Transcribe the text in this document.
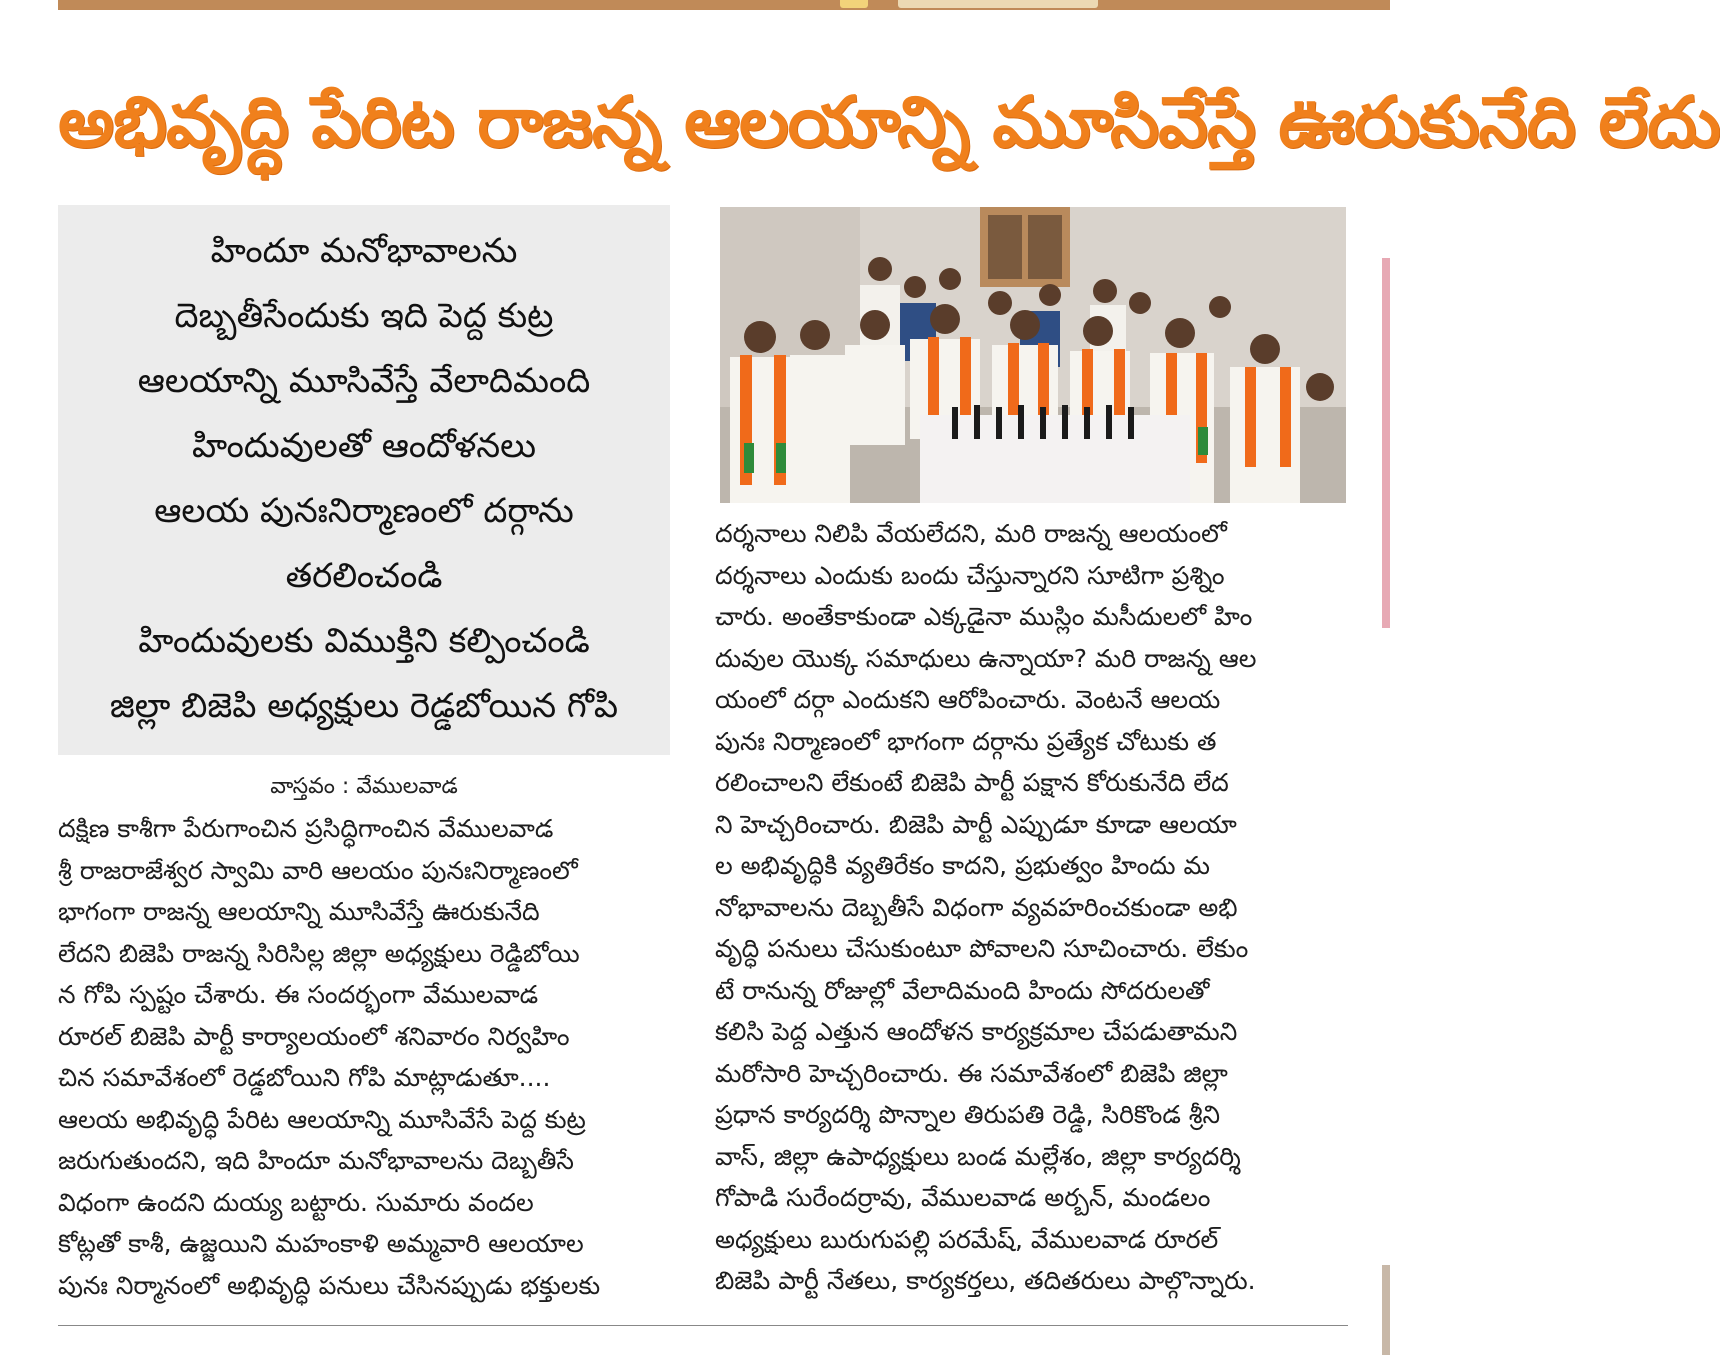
అభివృద్ధి పేరిట రాజన్న ఆలయాన్ని మూసివేస్తే ఊరుకునేది లేదు
హిందూ మనోభావాలను
దెబ్బతీసేందుకు ఇది పెద్ద కుట్ర
ఆలయాన్ని మూసివేస్తే వేలాదిమంది
హిందువులతో ఆందోళనలు
ఆలయ పునఃనిర్మాణంలో దర్గాను
తరలించండి
హిందువులకు విముక్తిని కల్పించండి
జిల్లా బిజెపి అధ్యక్షులు రెడ్డబోయిన గోపి
వాస్తవం : వేములవాడ

దక్షిణ కాశీగా పేరుగాంచిన ప్రసిద్ధిగాంచిన వేములవాడ

శ్రీ రాజరాజేశ్వర స్వామి వారి ఆలయం పునఃనిర్మాణంలో

భాగంగా రాజన్న ఆలయాన్ని మూసివేస్తే ఊరుకునేది

లేదని బిజెపి రాజన్న సిరిసిల్ల జిల్లా అధ్యక్షులు రెడ్డిబోయి

న గోపి స్పష్టం చేశారు. ఈ సందర్భంగా వేములవాడ

రూరల్ బిజెపి పార్టీ కార్యాలయంలో శనివారం నిర్వహిం

చిన సమావేశంలో రెడ్డబోయిని గోపి మాట్లాడుతూ....

ఆలయ అభివృద్ధి పేరిట ఆలయాన్ని మూసివేసే పెద్ద కుట్ర

జరుగుతుందని, ఇది హిందూ మనోభావాలను దెబ్బతీసే

విధంగా ఉందని దుయ్య బట్టారు. సుమారు వందల

కోట్లతో కాశీ, ఉజ్జయిని మహంకాళి అమ్మవారి ఆలయాల

పునః నిర్మానంలో అభివృద్ధి పనులు చేసినప్పుడు భక్తులకు

దర్శనాలు నిలిపి వేయలేదని, మరి రాజన్న ఆలయంలో

దర్శనాలు ఎందుకు బందు చేస్తున్నారని సూటిగా ప్రశ్నిం

చారు. అంతేకాకుండా ఎక్కడైనా ముస్లిం మసీదులలో హిం

దువుల యొక్క సమాధులు ఉన్నాయా? మరి రాజన్న ఆల

యంలో దర్గా ఎందుకని ఆరోపించారు. వెంటనే ఆలయ

పునః నిర్మాణంలో భాగంగా దర్గాను ప్రత్యేక చోటుకు త

రలించాలని లేకుంటే బిజెపి పార్టీ పక్షాన కోరుకునేది లేద

ని హెచ్చరించారు. బిజెపి పార్టీ ఎప్పుడూ కూడా ఆలయా

ల అభివృద్ధికి వ్యతిరేకం కాదని, ప్రభుత్వం హిందు మ

నోభావాలను దెబ్బతీసే విధంగా వ్యవహరించకుండా అభి

వృద్ధి పనులు చేసుకుంటూ పోవాలని సూచించారు. లేకుం

టే రానున్న రోజుల్లో వేలాదిమంది హిందు సోదరులతో

కలిసి పెద్ద ఎత్తున ఆందోళన కార్యక్రమాల చేపడుతామని

మరోసారి హెచ్చరించారు. ఈ సమావేశంలో బిజెపి జిల్లా

ప్రధాన కార్యదర్శి పొన్నాల తిరుపతి రెడ్డి, సిరికొండ శ్రీని

వాస్, జిల్లా ఉపాధ్యక్షులు బండ మల్లేశం, జిల్లా కార్యదర్శి

గోపాడి సురేందర్రావు, వేములవాడ అర్బన్, మండలం

అధ్యక్షులు బురుగుపల్లి పరమేష్, వేములవాడ రూరల్

బిజెపి పార్టీ నేతలు, కార్యకర్తలు, తదితరులు పాల్గొన్నారు.
